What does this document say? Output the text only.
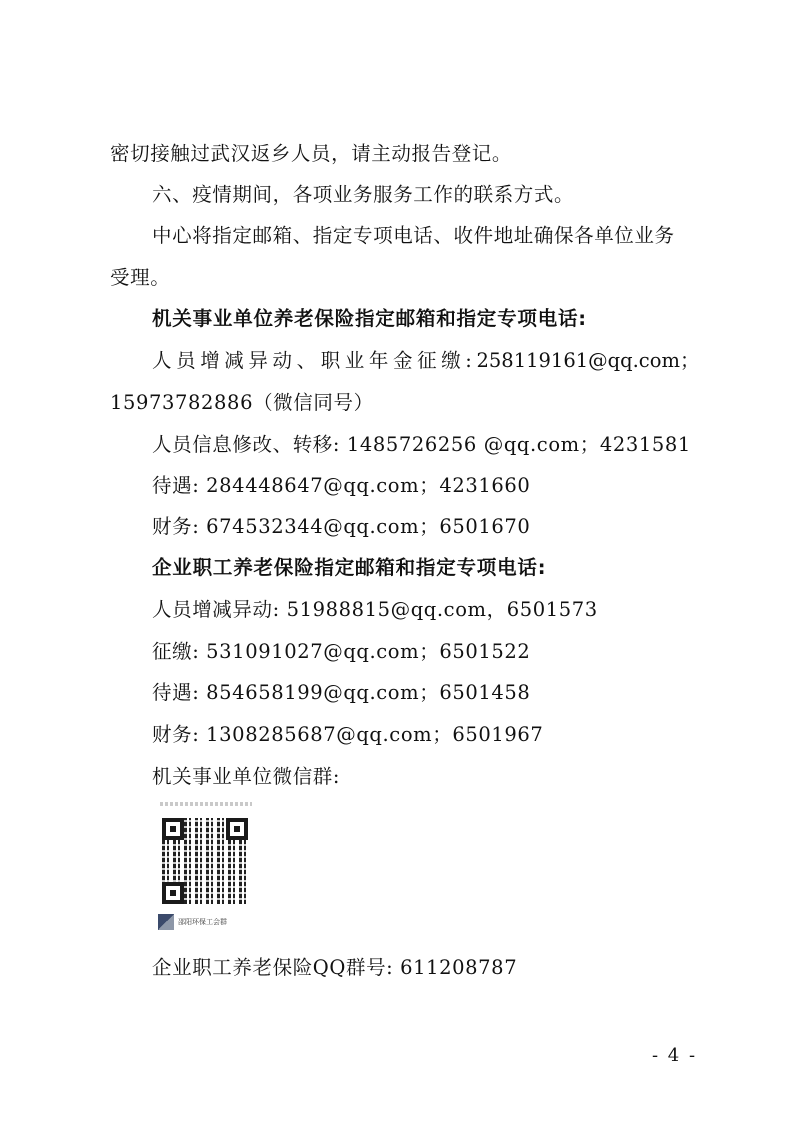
密切接触过武汉返乡人员，请主动报告登记。
六、疫情期间，各项业务服务工作的联系方式。
中心将指定邮箱、指定专项电话、收件地址确保各单位业务
受理。
机关事业单位养老保险指定邮箱和指定专项电话:
人员增减异动、职业年金征缴: 258119161@qq.com；
15973782886（微信同号）
人员信息修改、转移: 1485726256 @qq.com；4231581
待遇: 284448647@qq.com；4231660
财务: 674532344@qq.com；6501670
企业职工养老保险指定邮箱和指定专项电话:
人员增减异动: 51988815@qq.com，6501573
征缴: 531091027@qq.com；6501522
待遇: 854658199@qq.com；6501458
财务: 1308285687@qq.com；6501967
机关事业单位微信群:
邵阳环保工会群
企业职工养老保险QQ群号: 611208787
- 4 -
